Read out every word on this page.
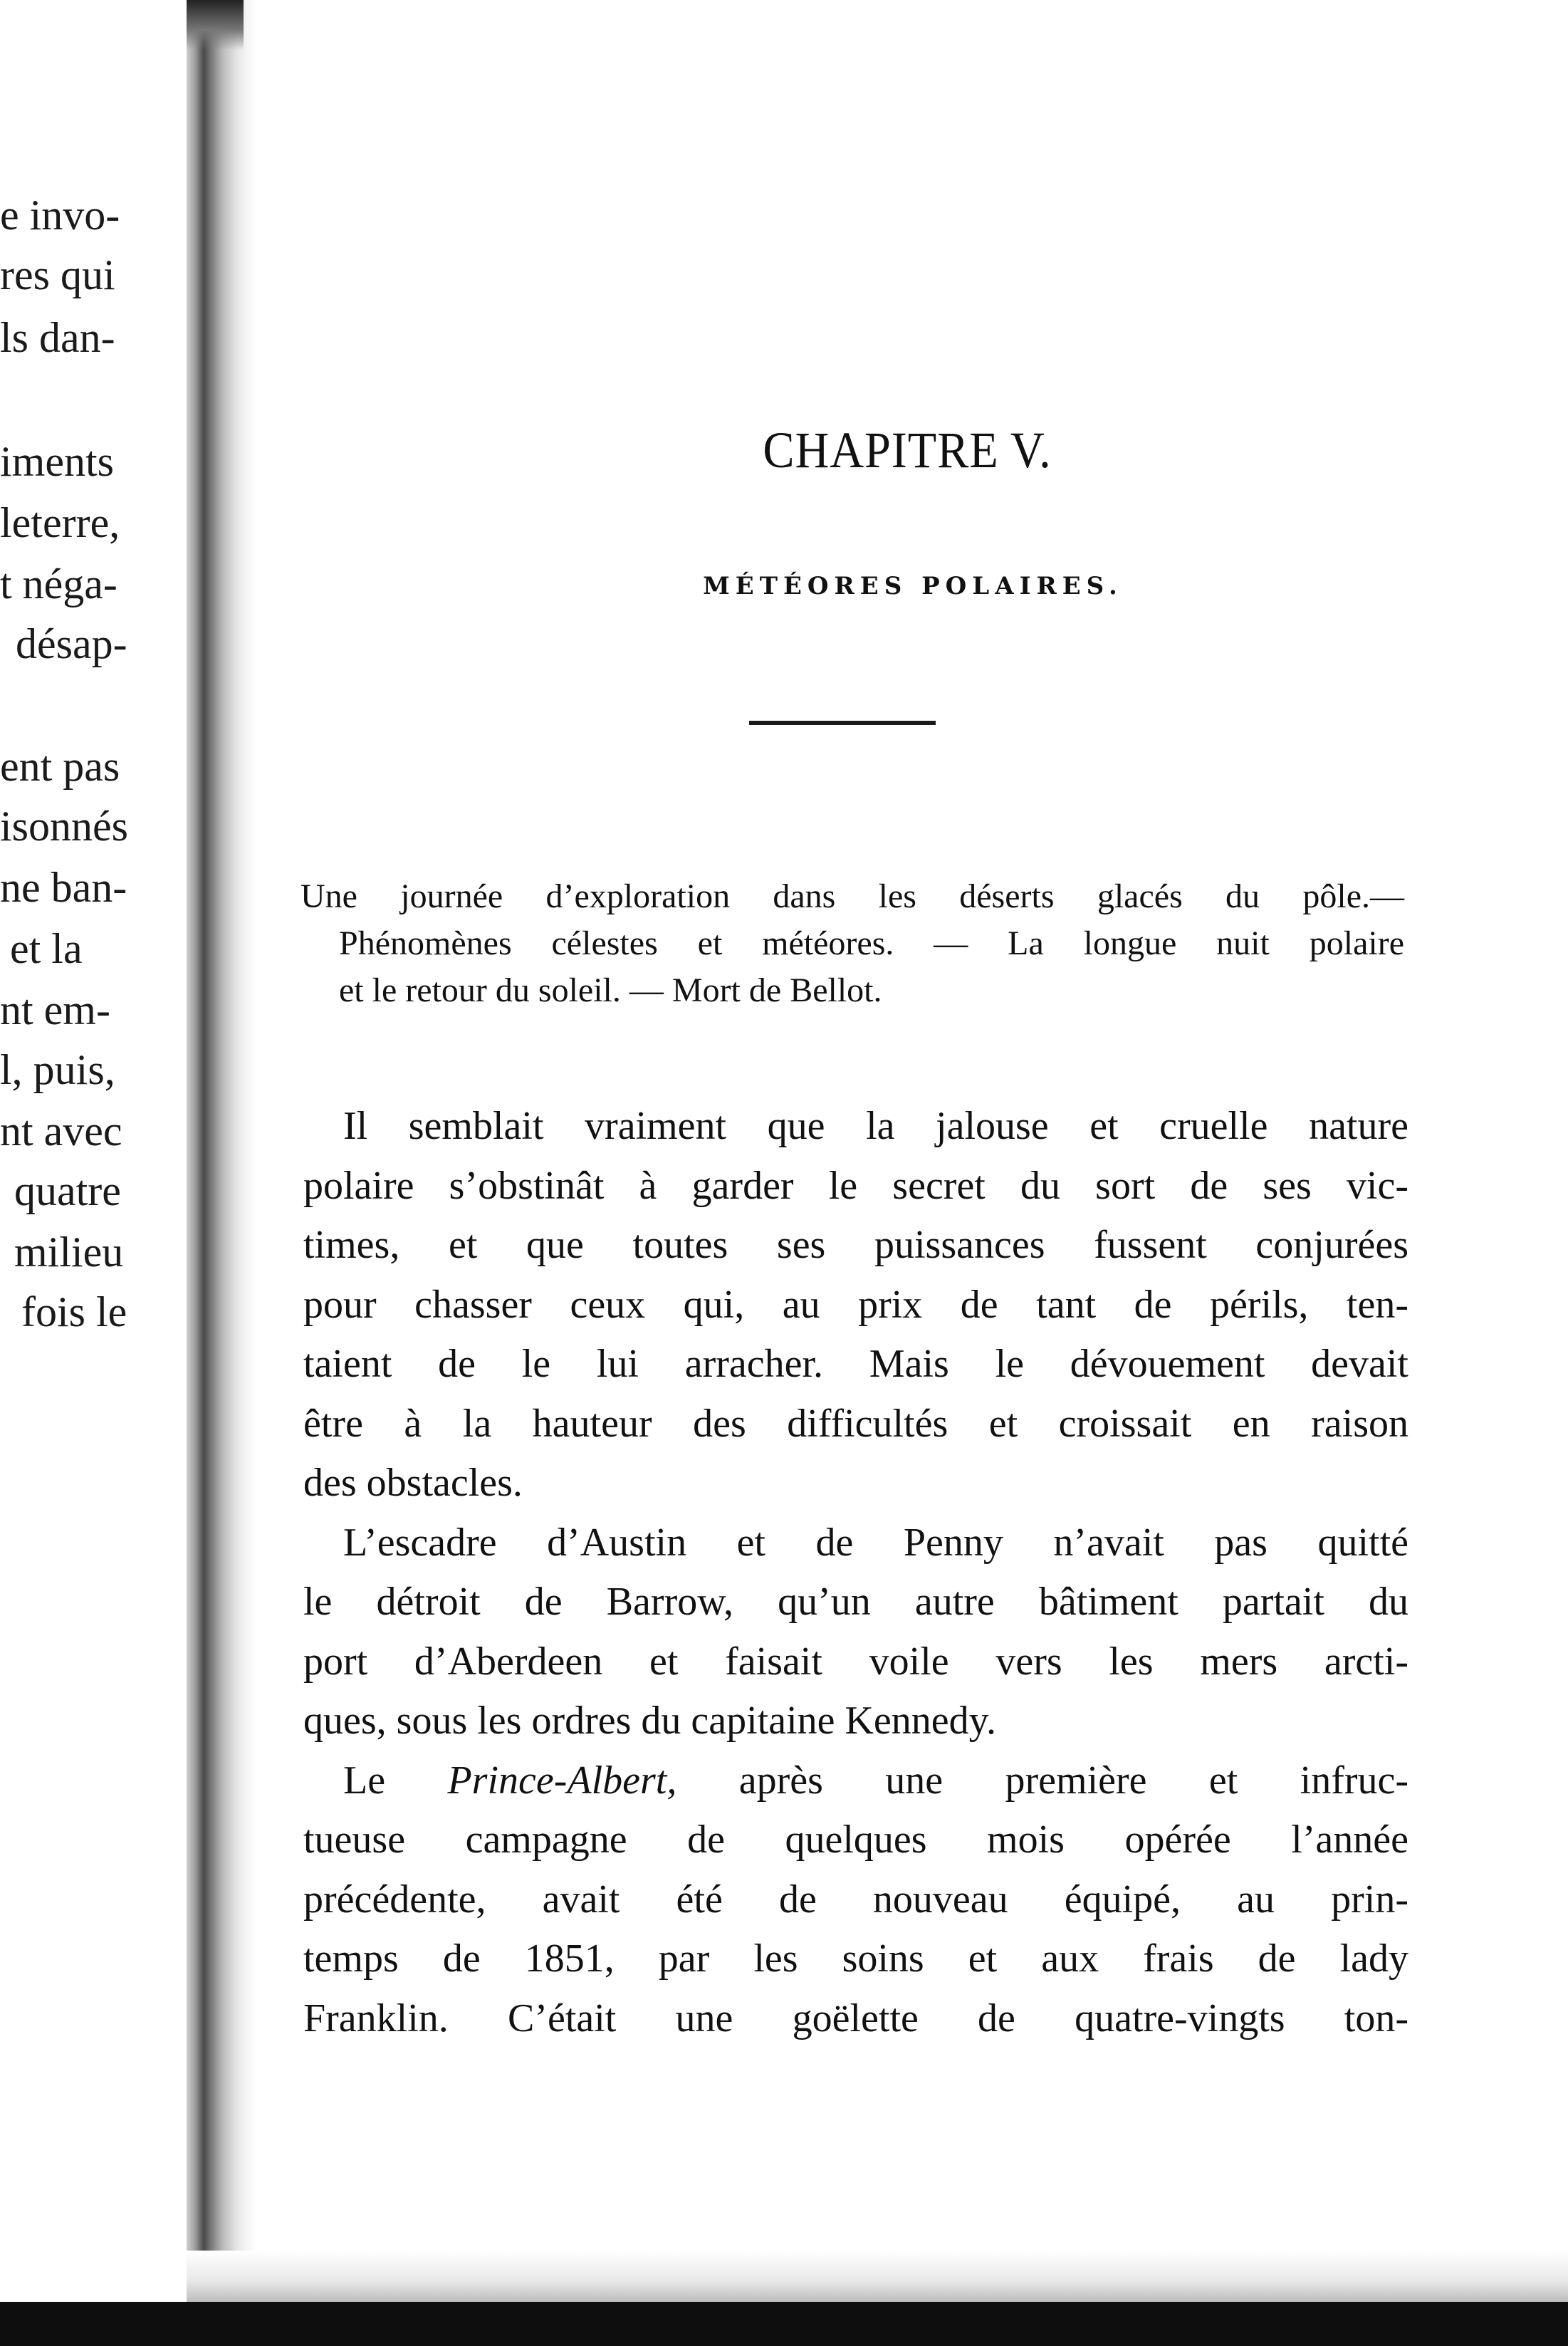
e invo-
res qui
ls dan-
iments
leterre,
t néga-
désap-
ent pas
isonnés
ne ban-
et la
nt em-
l, puis,
nt avec
quatre
milieu
fois le
CHAPITRE V.
MÉTÉORES POLAIRES.
Une journée d’exploration dans les déserts glacés du pôle.—
Phénomènes célestes et météores. — La longue nuit polaire
et le retour du soleil. — Mort de Bellot.
Il semblait vraiment que la jalouse et cruelle nature
polaire s’obstinât à garder le secret du sort de ses vic-
times, et que toutes ses puissances fussent conjurées
pour chasser ceux qui, au prix de tant de périls, ten-
taient de le lui arracher. Mais le dévouement devait
être à la hauteur des difficultés et croissait en raison
des obstacles.
L’escadre d’Austin et de Penny n’avait pas quitté
le détroit de Barrow, qu’un autre bâtiment partait du
port d’Aberdeen et faisait voile vers les mers arcti-
ques, sous les ordres du capitaine Kennedy.
Le Prince-Albert, après une première et infruc-
tueuse campagne de quelques mois opérée l’année
précédente, avait été de nouveau équipé, au prin-
temps de 1851, par les soins et aux frais de lady
Franklin. C’était une goëlette de quatre-vingts ton-
